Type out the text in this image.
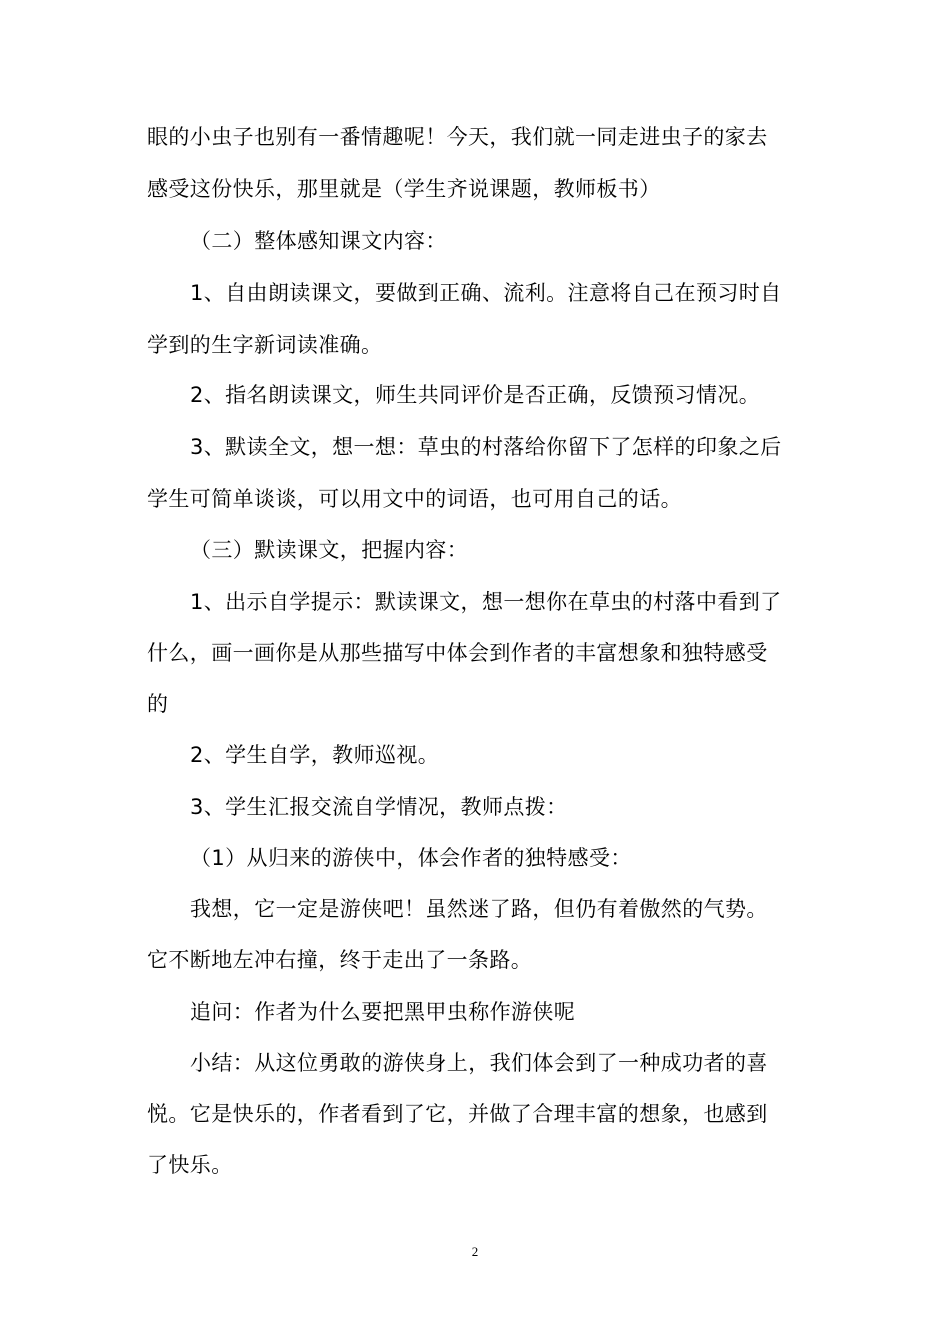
眼的小虫子也别有一番情趣呢！今天，我们就一同走进虫子的家去
感受这份快乐，那里就是（学生齐说课题，教师板书）
（二）整体感知课文内容：
1、自由朗读课文，要做到正确、流利。注意将自己在预习时自
学到的生字新词读准确。
2、指名朗读课文，师生共同评价是否正确，反馈预习情况。
3、默读全文，想一想：草虫的村落给你留下了怎样的印象之后
学生可简单谈谈，可以用文中的词语，也可用自己的话。
（三）默读课文，把握内容：
1、出示自学提示：默读课文，想一想你在草虫的村落中看到了
什么，画一画你是从那些描写中体会到作者的丰富想象和独特感受
的
2、学生自学，教师巡视。
3、学生汇报交流自学情况，教师点拨：
（1）从归来的游侠中，体会作者的独特感受：
我想，它一定是游侠吧！虽然迷了路，但仍有着傲然的气势。
它不断地左冲右撞，终于走出了一条路。
追问：作者为什么要把黑甲虫称作游侠呢
小结：从这位勇敢的游侠身上，我们体会到了一种成功者的喜
悦。它是快乐的，作者看到了它，并做了合理丰富的想象，也感到
了快乐。
2
